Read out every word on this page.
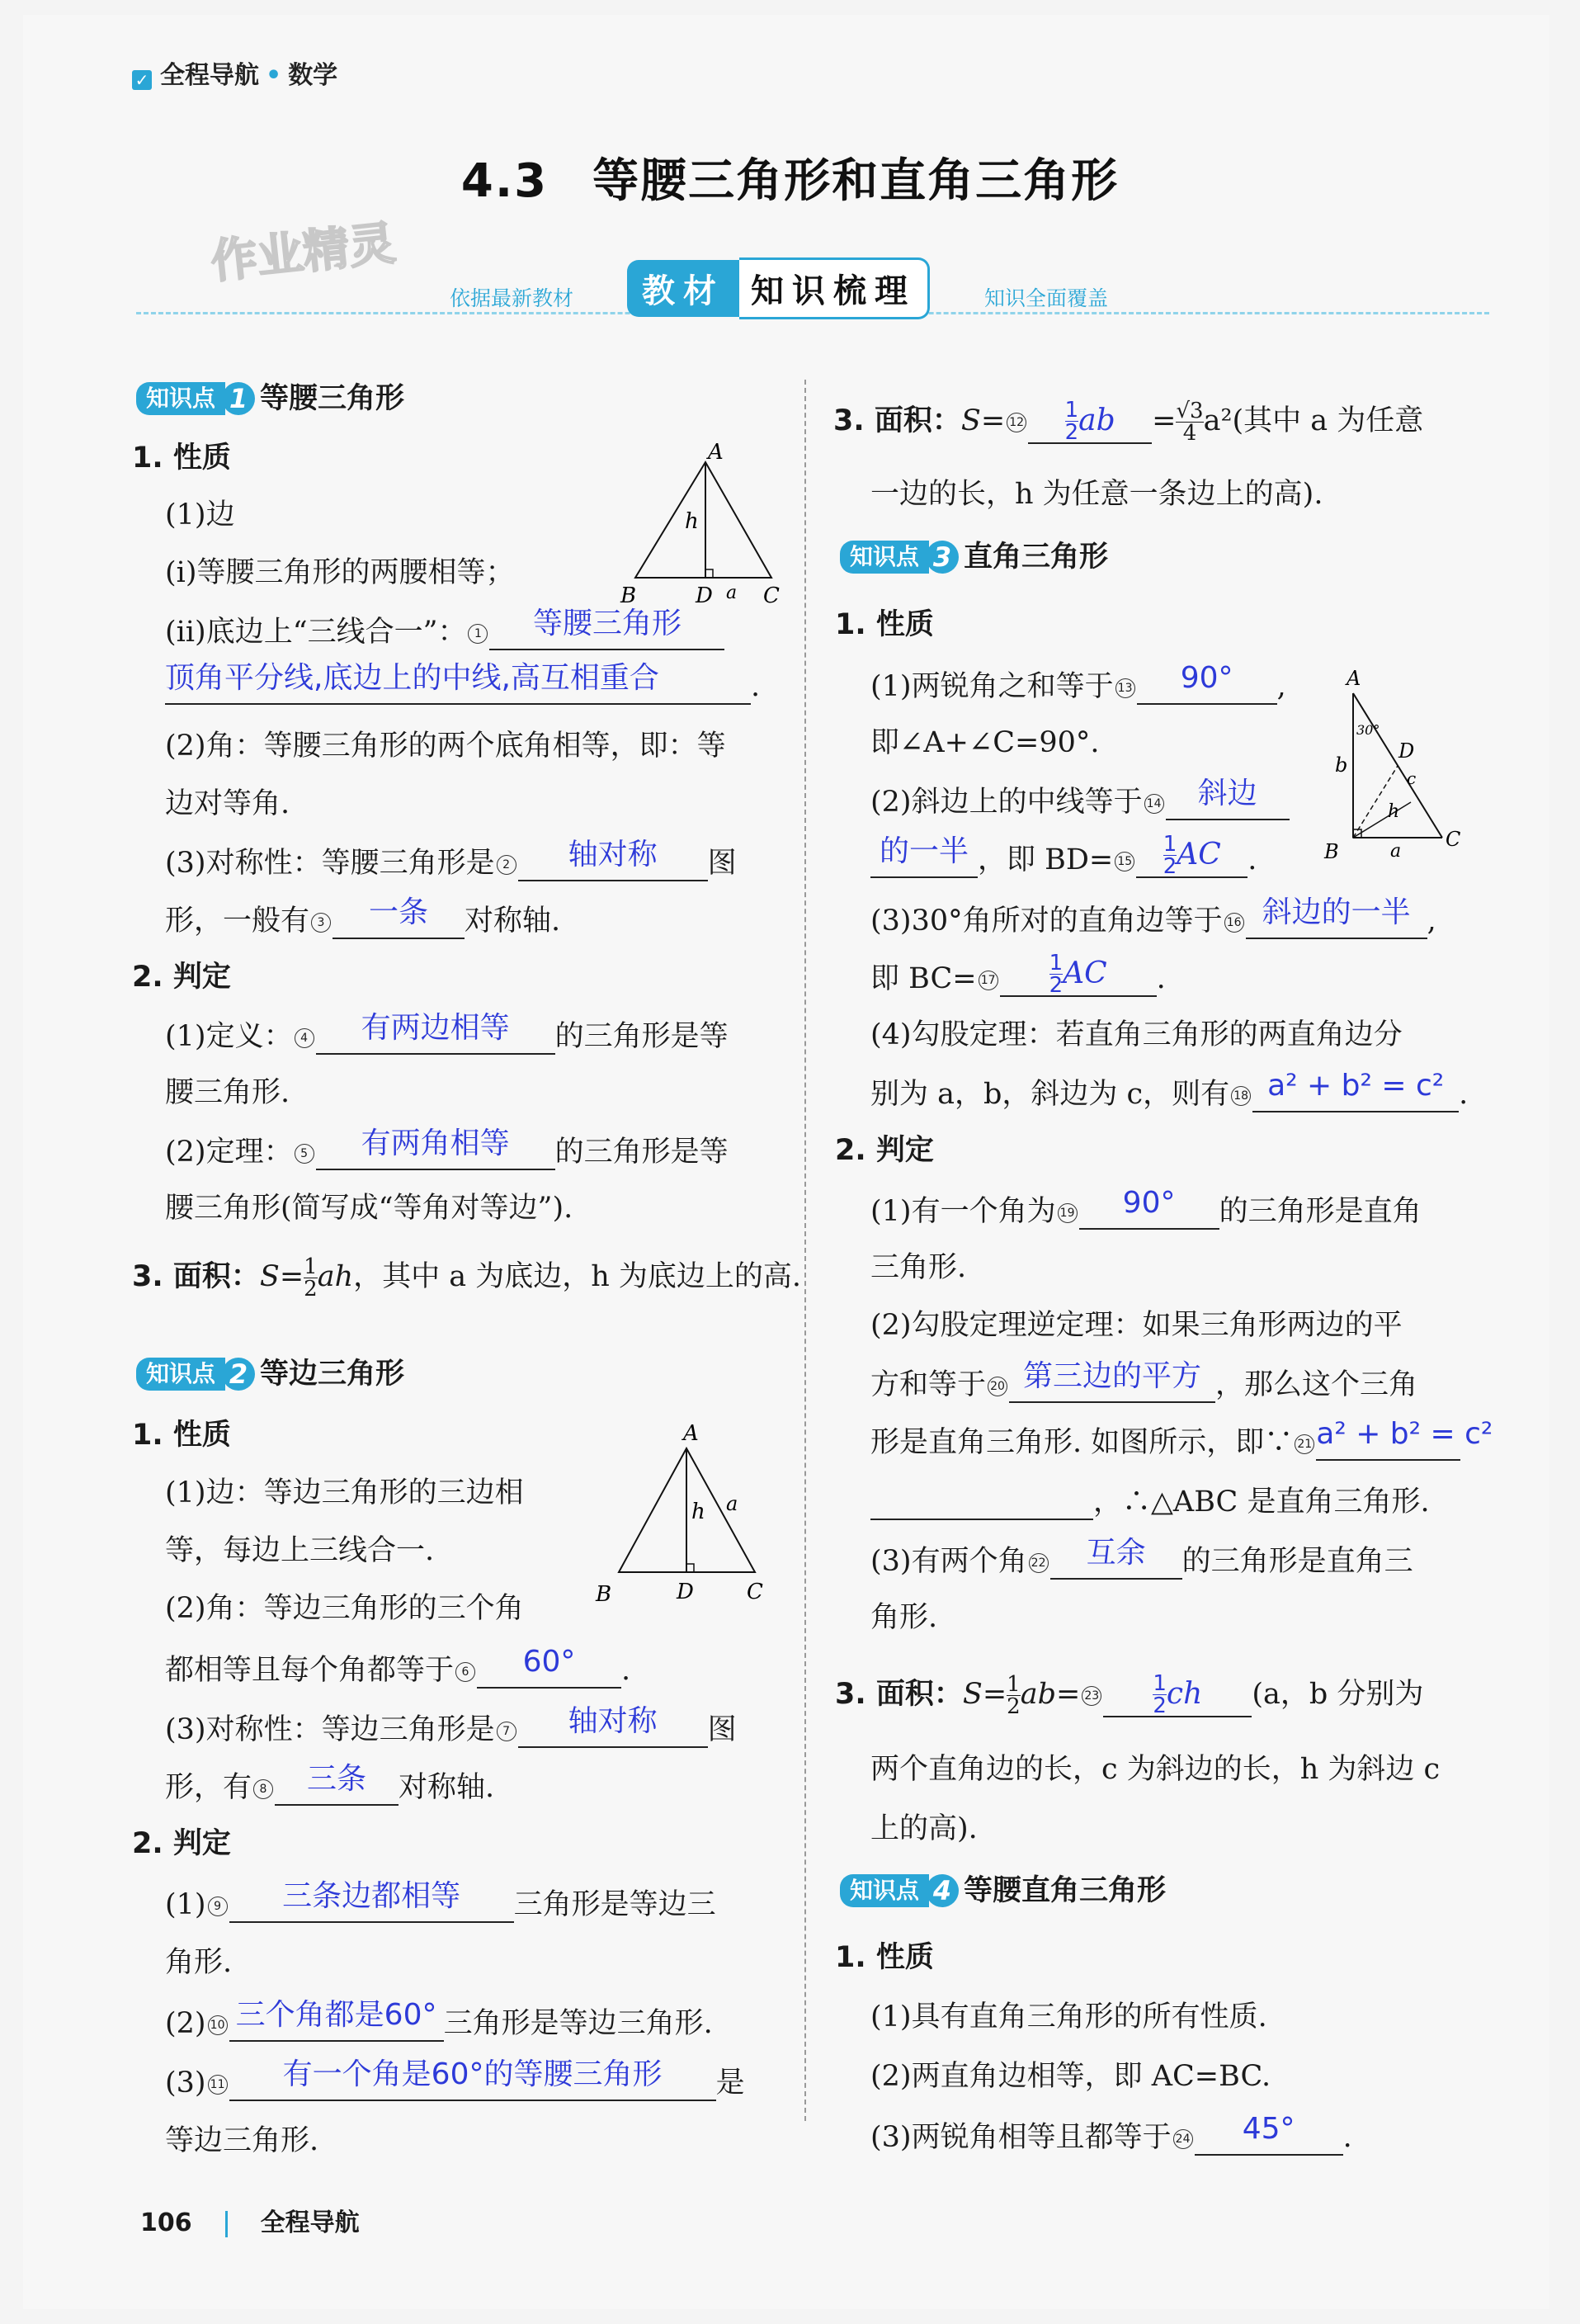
✓ 全程导航 • 数学
4.3 等腰三角形和直角三角形
作业精灵
依据最新教材	教材 知识梳理	知识全面覆盖
知识点 1 等腰三角形
1. 性质
(1)边
(ⅰ)等腰三角形的两腰相等；
(ⅱ)底边上“三线合一”： 1 等腰三角形
顶角平分线,底边上的中线,高互相重合	.
(2)角：等腰三角形的两个底角相等，即：等
边对等角.
(3)对称性：等腰三角形是 2 轴对称 图
形，一般有 3 一条 对称轴.
2. 判定
(1)定义： 4 有两边相等 的三角形是等
腰三角形.
(2)定理： 5 有两角相等 的三角形是等
腰三角形(简写成“等角对等边”).
3. 面积：$S= \frac{1}{2}$ ah，其中 a 为底边，h 为底边上的高.
知识点 2 等边三角形
1. 性质
(1)边：等边三角形的三边相
等，每边上三线合一.
(2)角：等边三角形的三个角
都相等且每个角都等于 6 60° .
(3)对称性：等边三角形是 7 轴对称 图
形，有 8 三条 对称轴.
2. 判定
(1) 9 三条边都相等 三角形是等边三
角形.
(2) 10 三个角都是60° 三角形是等边三角形.
(3) 11 有一个角是60°的等腰三角形 是
等边三角形.
A
h
B	D a C
A
h a
B	D C
3. 面积：$S= 12 \frac{1}{2}$ ab = $\frac{√3}{4} a^2$(其中 a 为任意
一边的长，h 为任意一条边上的高).
知识点 3 直角三角形
1. 性质
(1)两锐角之和等于 13 90° ,
即∠A+∠C=90°.
(2)斜边上的中线等于 14 斜边
的一半 ，即 $BD= 15 \frac{1}{2}$ AC .
(3)30°角所对的直角边等于 16 斜边的一半 ,
即 BC= 17	$\frac{1}{2}$ AC .
(4)勾股定理：若直角三角形的两直角边分
别为 a，b，斜边为 c，则有 18 a² + b² = c² .
2. 判定
(1)有一个角为 19 90° 的三角形是直角
三角形.
(2)勾股定理逆定理：如果三角形两边的平
方和等于 20 第三边的平方 ，那么这个三角
形是直角三角形. 如图所示，即∵ 21 a² + b² = c²
，∴△ABC 是直角三角形.
(3)有两个角 22 互余 的三角形是直角三
角形.
3. 面积：$S= \frac{1}{2} ab= 23$	$\frac{1}{2}$ ch (a，b 分别为
两个直角边的长，c 为斜边的长，h 为斜边 c
上的高).
知识点 4 等腰直角三角形
1. 性质
(1)具有直角三角形的所有性质.
(2)两直角边相等，即 AC=BC.
(3)两锐角相等且都等于 24 45° .
A
30°
b
D
c
h
B	a
C
106	全程导航
